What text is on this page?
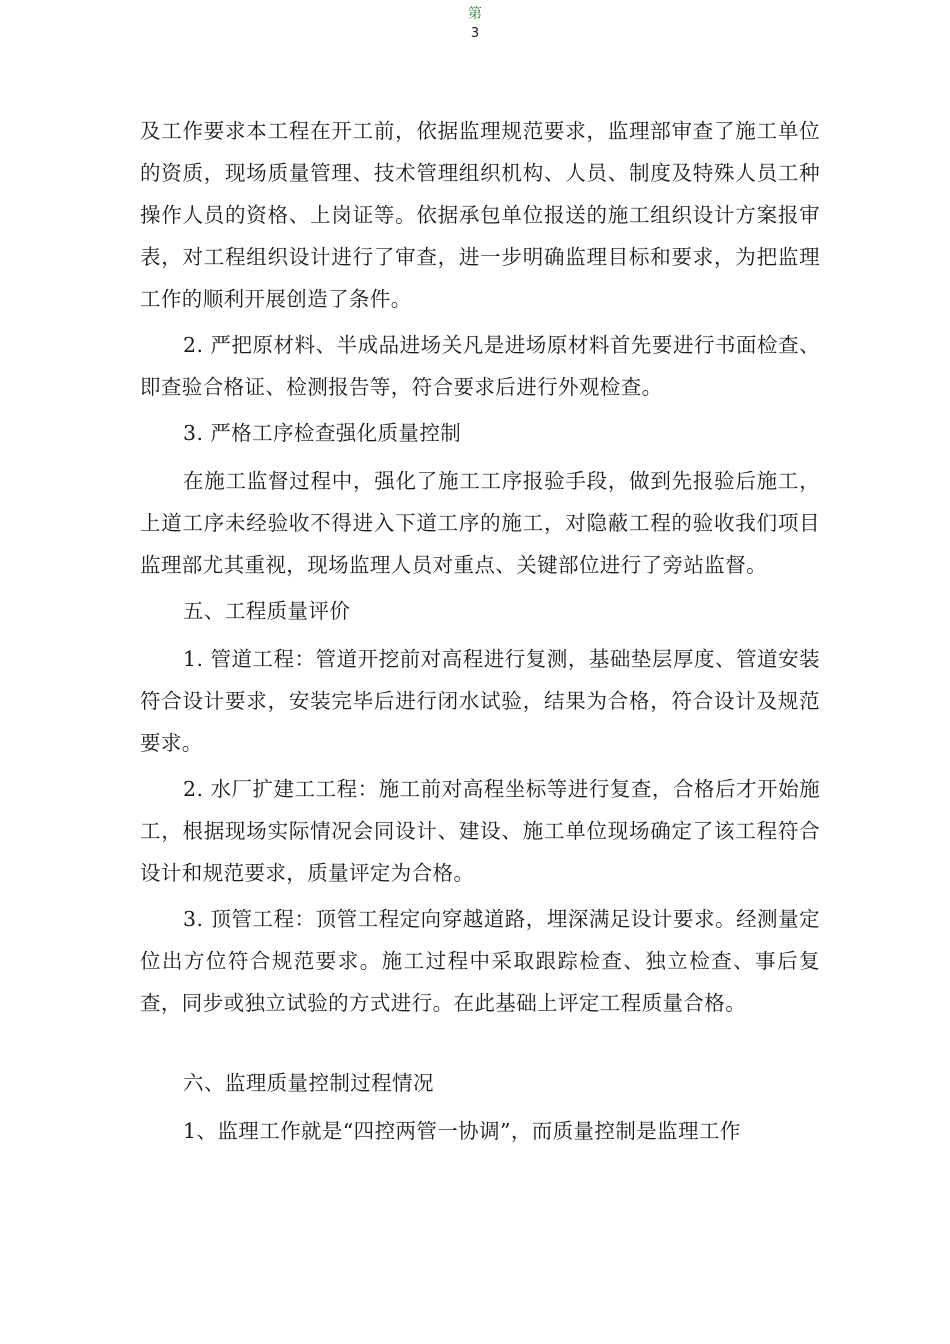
第
3

及工作要求本工程在开工前，依据监理规范要求，监理部审查了施工单位的资质，现场质量管理、技术管理组织机构、人员、制度及特殊人员工种操作人员的资格、上岗证等。依据承包单位报送的施工组织设计方案报审表，对工程组织设计进行了审查，进一步明确监理目标和要求，为把监理工作的顺利开展创造了条件。

2. 严把原材料、半成品进场关凡是进场原材料首先要进行书面检查、即查验合格证、检测报告等，符合要求后进行外观检查。

3. 严格工序检查强化质量控制

在施工监督过程中，强化了施工工序报验手段，做到先报验后施工，上道工序未经验收不得进入下道工序的施工，对隐蔽工程的验收我们项目监理部尤其重视，现场监理人员对重点、关键部位进行了旁站监督。

五、工程质量评价

1. 管道工程：管道开挖前对高程进行复测，基础垫层厚度、管道安装符合设计要求，安装完毕后进行闭水试验，结果为合格，符合设计及规范要求。

2. 水厂扩建工工程：施工前对高程坐标等进行复查，合格后才开始施工，根据现场实际情况会同设计、建设、施工单位现场确定了该工程符合设计和规范要求，质量评定为合格。

3. 顶管工程：顶管工程定向穿越道路，埋深满足设计要求。经测量定位出方位符合规范要求。施工过程中采取跟踪检查、独立检查、事后复查，同步或独立试验的方式进行。在此基础上评定工程质量合格。

六、监理质量控制过程情况

1、监理工作就是“四控两管一协调”，而质量控制是监理工作
